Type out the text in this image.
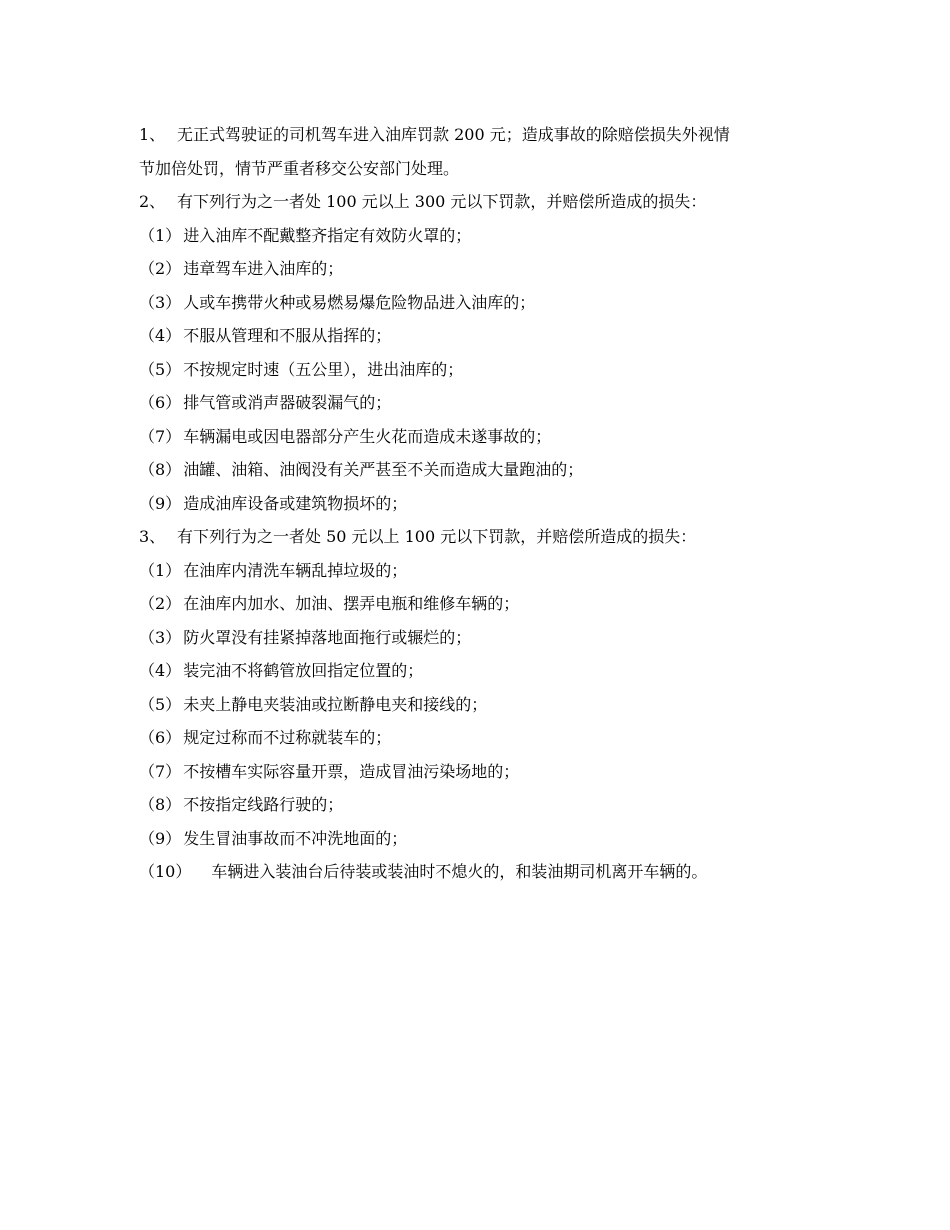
1、 无正式驾驶证的司机驾车进入油库罚款 200 元；造成事故的除赔偿损失外视情
节加倍处罚，情节严重者移交公安部门处理。
2、 有下列行为之一者处 100 元以上 300 元以下罚款，并赔偿所造成的损失：
（1） 进入油库不配戴整齐指定有效防火罩的；
（2） 违章驾车进入油库的；
（3） 人或车携带火种或易燃易爆危险物品进入油库的；
（4） 不服从管理和不服从指挥的；
（5） 不按规定时速（五公里），进出油库的；
（6） 排气管或消声器破裂漏气的；
（7） 车辆漏电或因电器部分产生火花而造成未遂事故的；
（8） 油罐、油箱、油阀没有关严甚至不关而造成大量跑油的；
（9） 造成油库设备或建筑物损坏的；
3、 有下列行为之一者处 50 元以上 100 元以下罚款，并赔偿所造成的损失：
（1） 在油库内清洗车辆乱掉垃圾的；
（2） 在油库内加水、加油、摆弄电瓶和维修车辆的；
（3） 防火罩没有挂紧掉落地面拖行或辗烂的；
（4） 装完油不将鹤管放回指定位置的；
（5） 未夹上静电夹装油或拉断静电夹和接线的；
（6） 规定过称而不过称就装车的；
（7） 不按槽车实际容量开票，造成冒油污染场地的；
（8） 不按指定线路行驶的；
（9） 发生冒油事故而不冲洗地面的；
（10） 车辆进入装油台后待装或装油时不熄火的，和装油期司机离开车辆的。
